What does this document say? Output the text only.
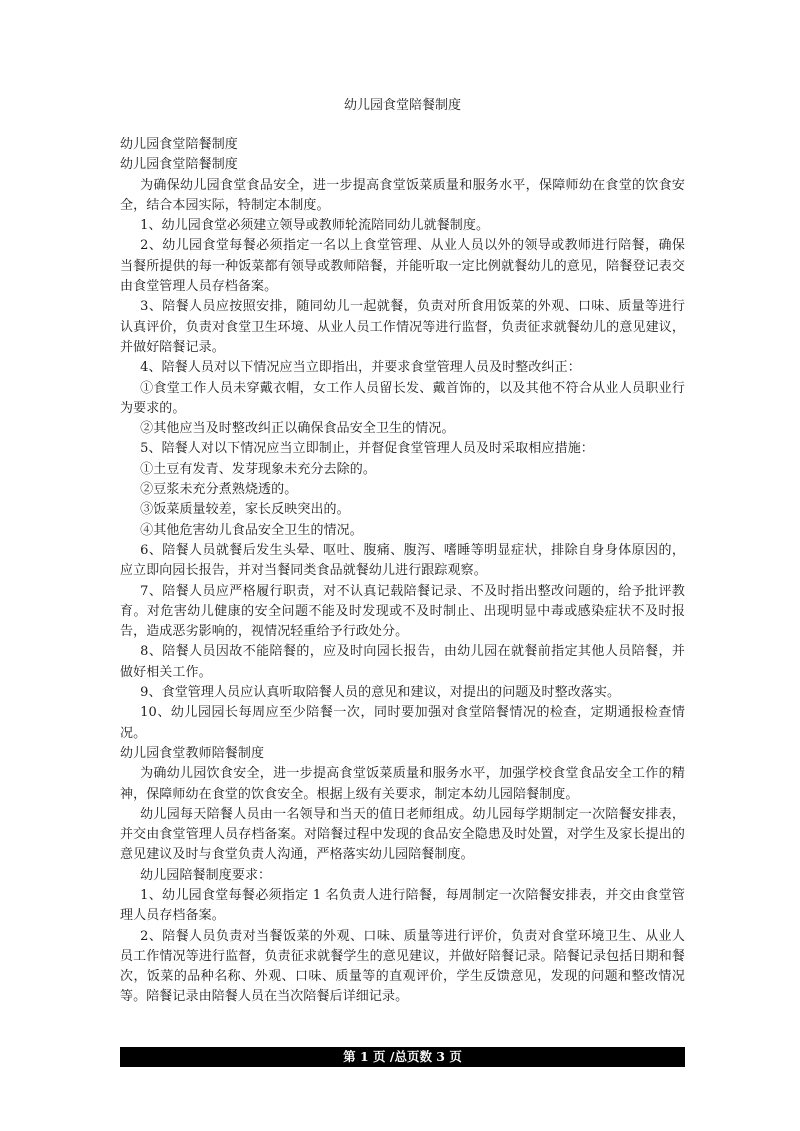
幼儿园食堂陪餐制度

幼儿园食堂陪餐制度

幼儿园食堂陪餐制度

为确保幼儿园食堂食品安全，进一步提高食堂饭菜质量和服务水平，保障师幼在食堂的饮食安全，结合本园实际，特制定本制度。

1、幼儿园食堂必须建立领导或教师轮流陪同幼儿就餐制度。

2、幼儿园食堂每餐必须指定一名以上食堂管理、从业人员以外的领导或教师进行陪餐，确保当餐所提供的每一种饭菜都有领导或教师陪餐，并能听取一定比例就餐幼儿的意见，陪餐登记表交由食堂管理人员存档备案。

3、陪餐人员应按照安排，随同幼儿一起就餐，负责对所食用饭菜的外观、口味、质量等进行认真评价，负责对食堂卫生环境、从业人员工作情况等进行监督，负责征求就餐幼儿的意见建议，并做好陪餐记录。

4、陪餐人员对以下情况应当立即指出，并要求食堂管理人员及时整改纠正：

①食堂工作人员未穿戴衣帽，女工作人员留长发、戴首饰的，以及其他不符合从业人员职业行为要求的。

②其他应当及时整改纠正以确保食品安全卫生的情况。

5、陪餐人对以下情况应当立即制止，并督促食堂管理人员及时采取相应措施：

①土豆有发青、发芽现象未充分去除的。

②豆浆未充分煮熟烧透的。

③饭菜质量较差，家长反映突出的。

④其他危害幼儿食品安全卫生的情况。

6、陪餐人员就餐后发生头晕、呕吐、腹痛、腹泻、嗜睡等明显症状，排除自身身体原因的，应立即向园长报告，并对当餐同类食品就餐幼儿进行跟踪观察。

7、陪餐人员应严格履行职责，对不认真记载陪餐记录、不及时指出整改问题的，给予批评教育。对危害幼儿健康的安全问题不能及时发现或不及时制止、出现明显中毒或感染症状不及时报告，造成恶劣影响的，视情况轻重给予行政处分。

8、陪餐人员因故不能陪餐的，应及时向园长报告，由幼儿园在就餐前指定其他人员陪餐，并做好相关工作。

9、食堂管理人员应认真听取陪餐人员的意见和建议，对提出的问题及时整改落实。

10、幼儿园园长每周应至少陪餐一次，同时要加强对食堂陪餐情况的检查，定期通报检查情况。

幼儿园食堂教师陪餐制度

为确幼儿园饮食安全，进一步提高食堂饭菜质量和服务水平，加强学校食堂食品安全工作的精神，保障师幼在食堂的饮食安全。根据上级有关要求，制定本幼儿园陪餐制度。

幼儿园每天陪餐人员由一名领导和当天的值日老师组成。幼儿园每学期制定一次陪餐安排表，并交由食堂管理人员存档备案。对陪餐过程中发现的食品安全隐患及时处置，对学生及家长提出的意见建议及时与食堂负责人沟通，严格落实幼儿园陪餐制度。

幼儿园陪餐制度要求：

1、幼儿园食堂每餐必须指定 1 名负责人进行陪餐，每周制定一次陪餐安排表，并交由食堂管理人员存档备案。

2、陪餐人员负责对当餐饭菜的外观、口味、质量等进行评价，负责对食堂环境卫生、从业人员工作情况等进行监督，负责征求就餐学生的意见建议，并做好陪餐记录。陪餐记录包括日期和餐次，饭菜的品种名称、外观、口味、质量等的直观评价，学生反馈意见，发现的问题和整改情况等。陪餐记录由陪餐人员在当次陪餐后详细记录。

第 1 页 /总页数 3 页
